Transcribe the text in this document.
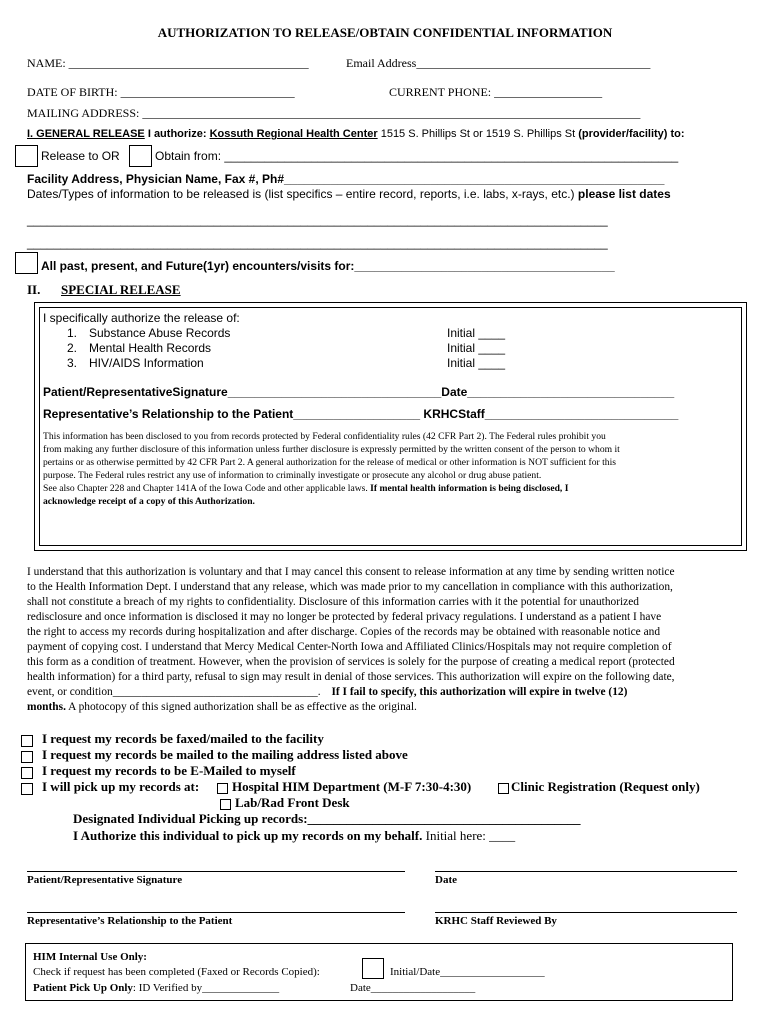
AUTHORIZATION TO RELEASE/OBTAIN CONFIDENTIAL INFORMATION
NAME: ________________________________________	Email Address_______________________________________
DATE OF BIRTH: _____________________________	CURRENT PHONE: __________________
MAILING ADDRESS: ___________________________________________________________________________________
I. GENERAL RELEASE I authorize: Kossuth Regional Health Center 1515 S. Phillips St or 1519 S. Phillips St (provider/facility) to:
Release to OR	Obtain from: ____________________________________________________________________
Facility Address, Physician Name, Fax #, Ph#_________________________________________________________
Dates/Types of information to be released is (list specifics – entire record, reports, i.e. labs, x-rays, etc.) please list dates
_______________________________________________________________________________________
_______________________________________________________________________________________
All past, present, and Future(1yr) encounters/visits for:_______________________________________
II. SPECIAL RELEASE
I specifically authorize the release of:
1. Substance Abuse Records	Initial ____
2. Mental Health Records	Initial ____
3. HIV/AIDS Information	Initial ____
Patient/RepresentativeSignature________________________________Date_______________________________
Representative’s Relationship to the Patient___________________ KRHCStaff_____________________________
This information has been disclosed to you from records protected by Federal confidentiality rules (42 CFR Part 2). The Federal rules prohibit you
from making any further disclosure of this information unless further disclosure is expressly permitted by the written consent of the person to whom it
pertains or as otherwise permitted by 42 CFR Part 2. A general authorization for the release of medical or other information is NOT sufficient for this
purpose. The Federal rules restrict any use of information to criminally investigate or prosecute any alcohol or drug abuse patient.
See also Chapter 228 and Chapter 141A of the Iowa Code and other applicable laws. If mental health information is being disclosed, I
acknowledge receipt of a copy of this Authorization.
I understand that this authorization is voluntary and that I may cancel this consent to release information at any time by sending written notice
to the Health Information Dept. I understand that any release, which was made prior to my cancellation in compliance with this authorization,
shall not constitute a breach of my rights to confidentiality. Disclosure of this information carries with it the potential for unauthorized
redisclosure and once information is disclosed it may no longer be protected by federal privacy regulations. I understand as a patient I have
the right to access my records during hospitalization and after discharge. Copies of the records may be obtained with reasonable notice and
payment of copying cost. I understand that Mercy Medical Center-North Iowa and Affiliated Clinics/Hospitals may not require completion of
this form as a condition of treatment. However, when the provision of services is solely for the purpose of creating a medical report (protected
health information) for a third party, refusal to sign may result in denial of those services. This authorization will expire on the following date,
event, or condition____________________________________. If I fail to specify, this authorization will expire in twelve (12)
months. A photocopy of this signed authorization shall be as effective as the original.
I request my records be faxed/mailed to the facility
I request my records be mailed to the mailing address listed above
I request my records to be E-Mailed to myself
I will pick up my records at:	Hospital HIM Department (M-F 7:30-4:30)	Clinic Registration (Request only)
Lab/Rad Front Desk
Designated Individual Picking up records:__________________________________________
I Authorize this individual to pick up my records on my behalf. Initial here: ____
Patient/Representative Signature	Date
Representative’s Relationship to the Patient	KRHC Staff Reviewed By
HIM Internal Use Only:
Check if request has been completed (Faxed or Records Copied):	Initial/Date___________________
Patient Pick Up Only: ID Verified by______________	Date___________________
